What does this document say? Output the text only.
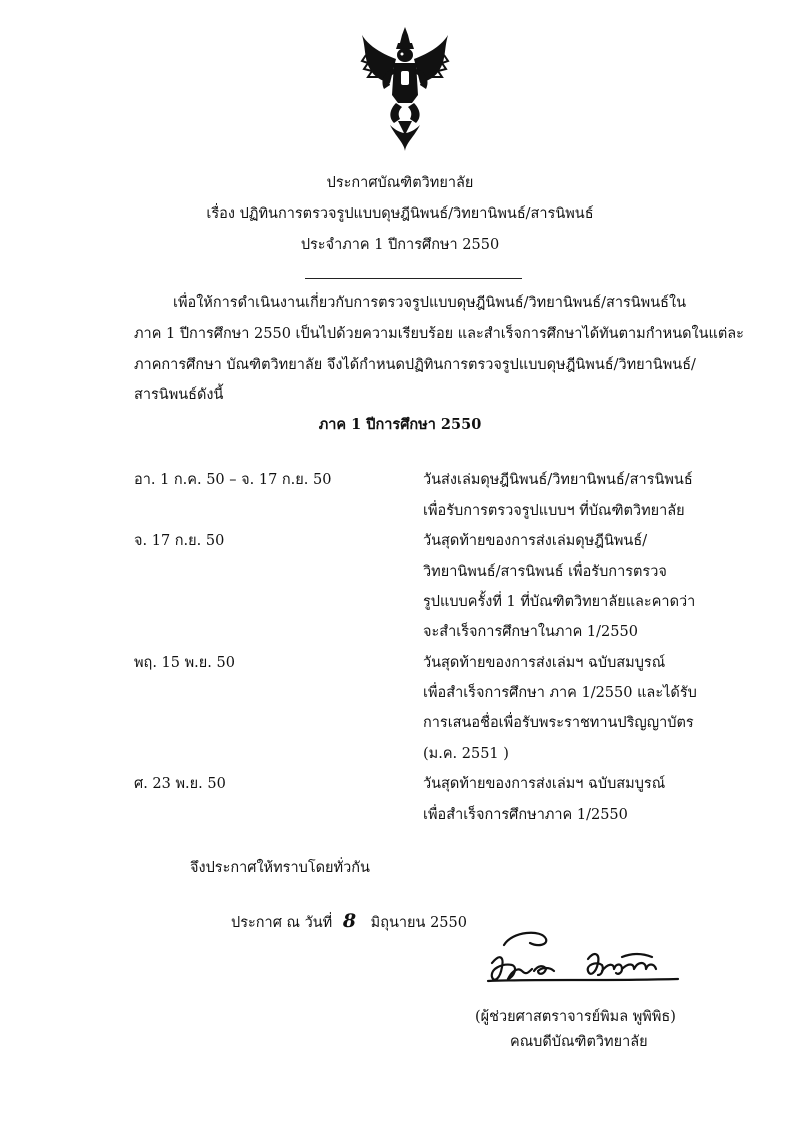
ประกาศบัณฑิตวิทยาลัย
เรื่อง ปฏิทินการตรวจรูปแบบดุษฎีนิพนธ์/วิทยานิพนธ์/สารนิพนธ์
ประจำภาค 1 ปีการศึกษา 2550
เพื่อให้การดำเนินงานเกี่ยวกับการตรวจรูปแบบดุษฎีนิพนธ์/วิทยานิพนธ์/สารนิพนธ์ใน
ภาค 1 ปีการศึกษา 2550 เป็นไปด้วยความเรียบร้อย และสำเร็จการศึกษาได้ทันตามกำหนดในแต่ละ
ภาคการศึกษา บัณฑิตวิทยาลัย จึงได้กำหนดปฏิทินการตรวจรูปแบบดุษฎีนิพนธ์/วิทยานิพนธ์/
สารนิพนธ์ดังนี้
ภาค 1 ปีการศึกษา 2550
อา. 1 ก.ค. 50 – จ. 17 ก.ย. 50	วันส่งเล่มดุษฎีนิพนธ์/วิทยานิพนธ์/สารนิพนธ์
เพื่อรับการตรวจรูปแบบฯ ที่บัณฑิตวิทยาลัย
จ. 17 ก.ย. 50	วันสุดท้ายของการส่งเล่มดุษฎีนิพนธ์/
วิทยานิพนธ์/สารนิพนธ์ เพื่อรับการตรวจ
รูปแบบครั้งที่ 1 ที่บัณฑิตวิทยาลัยและคาดว่า
จะสำเร็จการศึกษาในภาค 1/2550
พฤ. 15 พ.ย. 50	วันสุดท้ายของการส่งเล่มฯ ฉบับสมบูรณ์
เพื่อสำเร็จการศึกษา ภาค 1/2550 และได้รับ
การเสนอชื่อเพื่อรับพระราชทานปริญญาบัตร
(ม.ค. 2551 )
ศ. 23 พ.ย. 50	วันสุดท้ายของการส่งเล่มฯ ฉบับสมบูรณ์
เพื่อสำเร็จการศึกษาภาค 1/2550
จึงประกาศให้ทราบโดยทั่วกัน
ประกาศ ณ วันที่ 8 มิถุนายน 2550
(ผู้ช่วยศาสตราจารย์พิมล พูพิพิธ)
คณบดีบัณฑิตวิทยาลัย
